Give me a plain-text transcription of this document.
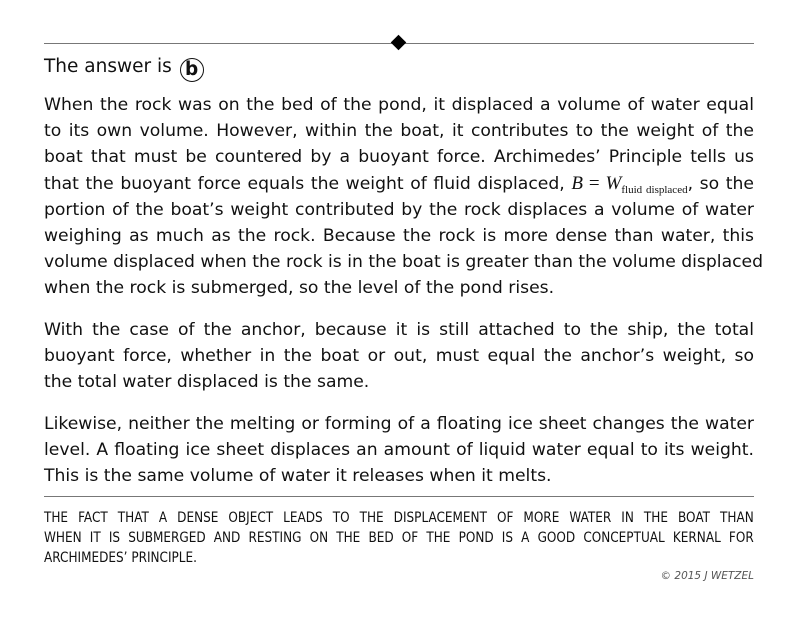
The answer is b
When the rock was on the bed of the pond, it displaced a volume of water equal
to its own volume. However, within the boat, it contributes to the weight of the
boat that must be countered by a buoyant force. Archimedes’ Principle tells us
that the buoyant force equals the weight of fluid displaced, $B = W_{fluid displaced}$, so the
portion of the boat’s weight contributed by the rock displaces a volume of water
weighing as much as the rock. Because the rock is more dense than water, this
volume displaced when the rock is in the boat is greater than the volume displaced
when the rock is submerged, so the level of the pond rises.
With the case of the anchor, because it is still attached to the ship, the total
buoyant force, whether in the boat or out, must equal the anchor’s weight, so
the total water displaced is the same.
Likewise, neither the melting or forming of a floating ice sheet changes the water
level. A floating ice sheet displaces an amount of liquid water equal to its weight.
This is the same volume of water it releases when it melts.
THE FACT THAT A DENSE OBJECT LEADS TO THE DISPLACEMENT OF MORE WATER IN THE BOAT THAN
WHEN IT IS SUBMERGED AND RESTING ON THE BED OF THE POND IS A GOOD CONCEPTUAL KERNAL FOR
ARCHIMEDES’ PRINCIPLE.
© 2015 J WETZEL
